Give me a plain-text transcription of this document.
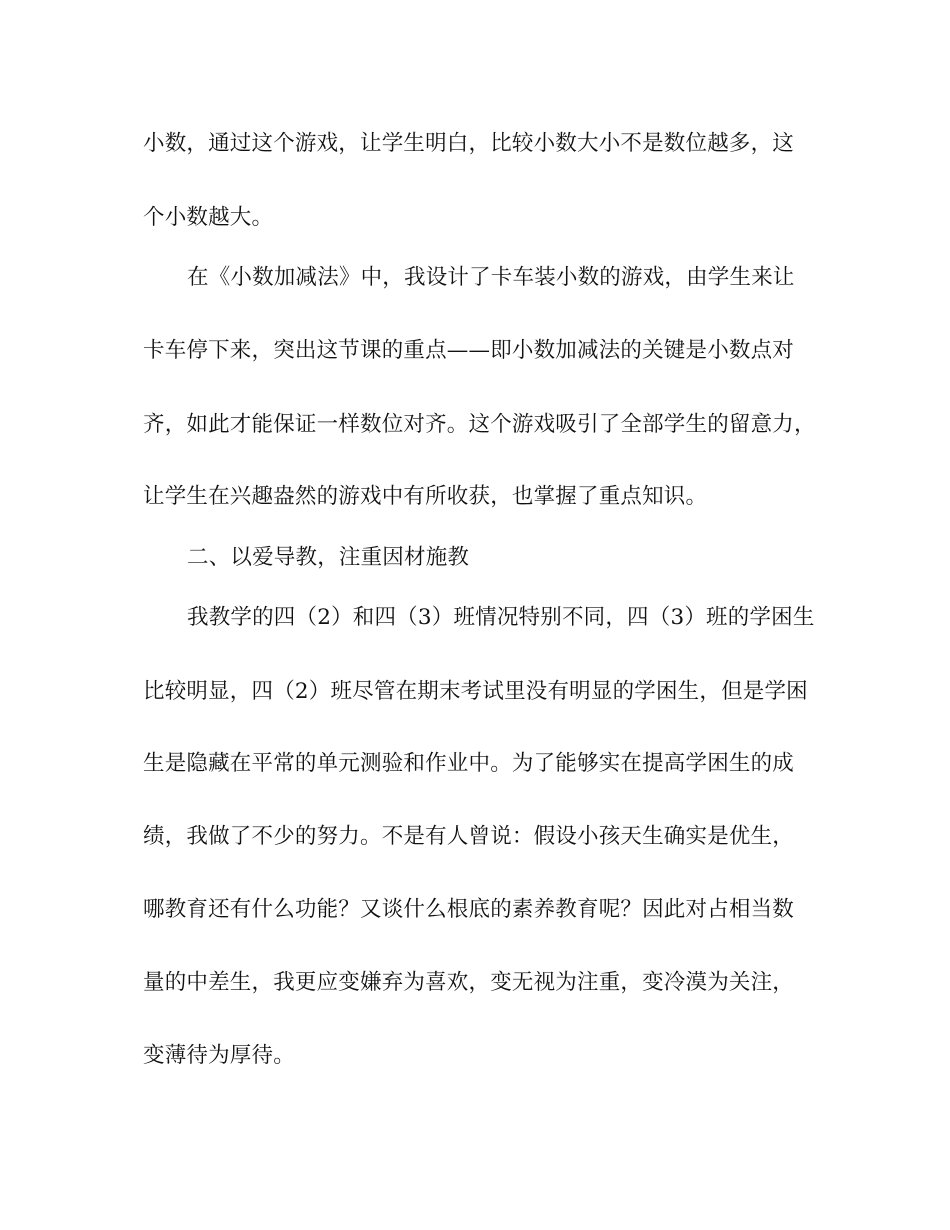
小数，通过这个游戏，让学生明白，比较小数大小不是数位越多，这
个小数越大。
在《小数加减法》中，我设计了卡车装小数的游戏，由学生来让
卡车停下来，突出这节课的重点——即小数加减法的关键是小数点对
齐，如此才能保证一样数位对齐。这个游戏吸引了全部学生的留意力，
让学生在兴趣盎然的游戏中有所收获，也掌握了重点知识。
二、以爱导教，注重因材施教
我教学的四（2）和四（3）班情况特别不同，四（3）班的学困生
比较明显，四（2）班尽管在期末考试里没有明显的学困生，但是学困
生是隐藏在平常的单元测验和作业中。为了能够实在提高学困生的成
绩，我做了不少的努力。不是有人曾说：假设小孩天生确实是优生，
哪教育还有什么功能？又谈什么根底的素养教育呢？因此对占相当数
量的中差生，我更应变嫌弃为喜欢，变无视为注重，变冷漠为关注，
变薄待为厚待。
